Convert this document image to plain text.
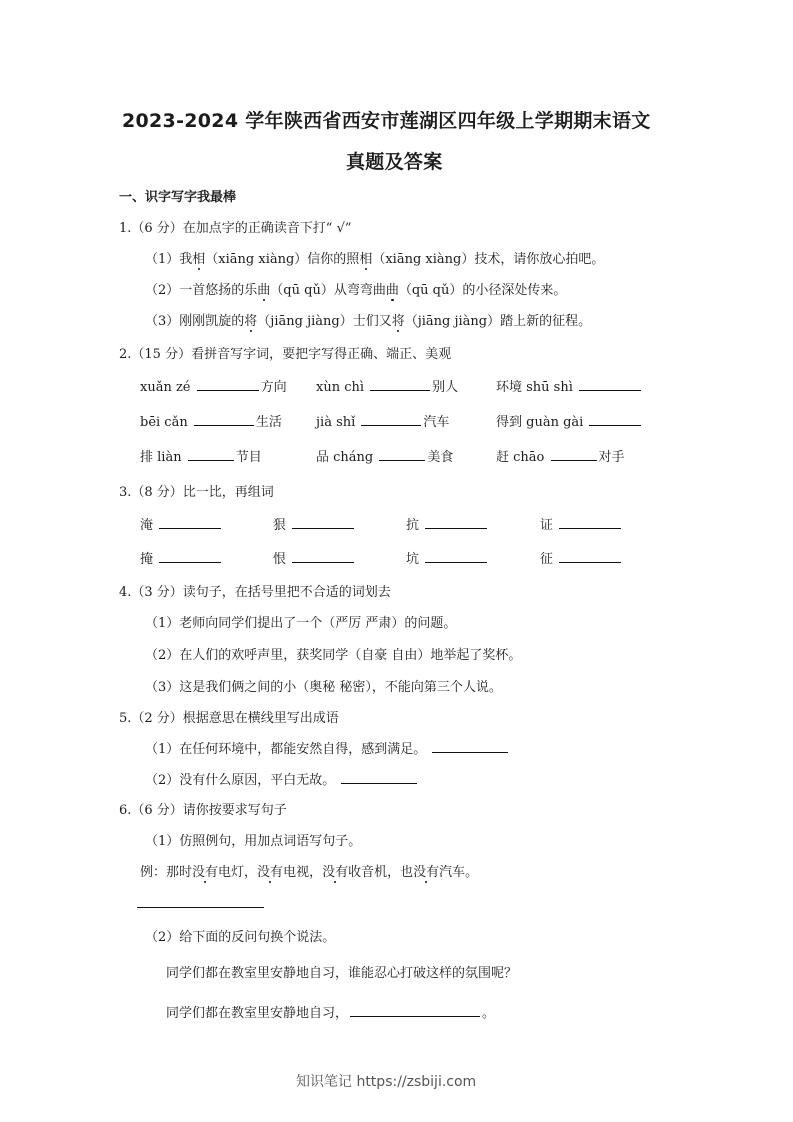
2023-2024 学年陕西省西安市莲湖区四年级上学期期末语文
真题及答案
一、识字写字我最棒
1.（6 分）在加点字的正确读音下打“ √”
（1）我相（xiāng xiàng）信你的照相（xiāng xiàng）技术，请你放心拍吧。
（2）一首悠扬的乐曲（qū qǔ）从弯弯曲曲（qū qǔ）的小径深处传来。
（3）刚刚凯旋的将（jiāng jiàng）士们又将（jiāng jiàng）踏上新的征程。
2.（15 分）看拼音写字词，要把字写得正确、端正、美观
xuǎn zé	方向 xùn chì	别人	环境 shū shì
bēi cǎn	生活	jià shǐ	汽车	得到 guàn gài
排 liàn	节目	品 cháng	美食	赶 chāo	对手
3.（8 分）比一比，再组词
淹	狠	抗	证
掩	恨	坑	征
4.（3 分）读句子，在括号里把不合适的词划去
（1）老师向同学们提出了一个（严厉 严肃）的问题。
（2）在人们的欢呼声里，获奖同学（自豪 自由）地举起了奖杯。
（3）这是我们俩之间的小（奥秘 秘密），不能向第三个人说。
5.（2 分）根据意思在横线里写出成语
（1）在任何环境中，都能安然自得，感到满足。
（2）没有什么原因，平白无故。
6.（6 分）请你按要求写句子
（1）仿照例句，用加点词语写句子。
例：那时没有电灯，没有电视，没有收音机，也没有汽车。
（2）给下面的反问句换个说法。
同学们都在教室里安静地自习，谁能忍心打破这样的氛围呢？
同学们都在教室里安静地自习，	。
知识笔记 https://zsbiji.com
